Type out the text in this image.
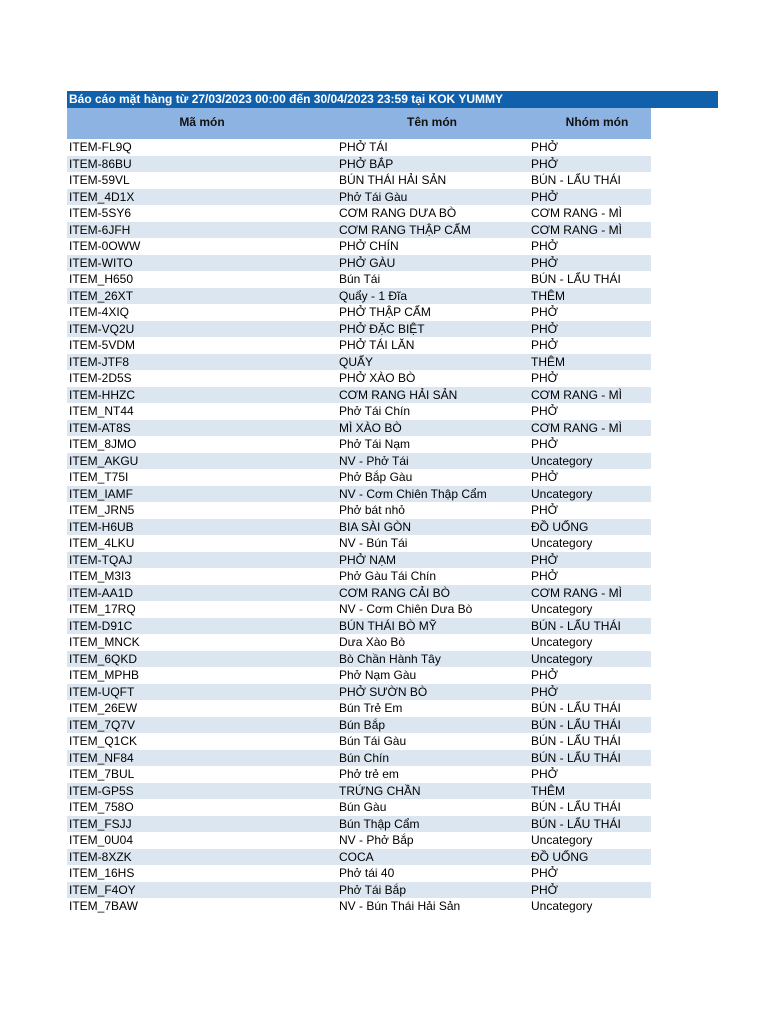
Báo cáo mặt hàng từ 27/03/2023 00:00 đến 30/04/2023 23:59 tại KOK YUMMY
Mã món	Tên món	Nhóm món
ITEM-FL9Q	PHỞ TÁI	PHỞ
ITEM-86BU	PHỞ BẮP	PHỞ
ITEM-59VL	BÚN THÁI HẢI SẢN	BÚN - LẨU THÁI
ITEM_4D1X	Phở Tái Gàu	PHỞ
ITEM-5SY6	CƠM RANG DƯA BÒ	CƠM RANG - MÌ
ITEM-6JFH	CƠM RANG THẬP CẨM	CƠM RANG - MÌ
ITEM-0OWW	PHỞ CHÍN	PHỞ
ITEM-WITO	PHỞ GÀU	PHỞ
ITEM_H650	Bún Tái	BÚN - LẨU THÁI
ITEM_26XT	Quẩy - 1 Đĩa	THÊM
ITEM-4XIQ	PHỞ THẬP CẨM	PHỞ
ITEM-VQ2U	PHỞ ĐẶC BIỆT	PHỞ
ITEM-5VDM	PHỞ TÁI LĂN	PHỞ
ITEM-JTF8	QUẨY	THÊM
ITEM-2D5S	PHỞ XÀO BÒ	PHỞ
ITEM-HHZC	CƠM RANG HẢI SẢN	CƠM RANG - MÌ
ITEM_NT44	Phở Tái Chín	PHỞ
ITEM-AT8S	MÌ XÀO BÒ	CƠM RANG - MÌ
ITEM_8JMO	Phở Tái Nạm	PHỞ
ITEM_AKGU	NV - Phở Tái	Uncategory
ITEM_T75I	Phở Bắp Gàu	PHỞ
ITEM_IAMF	NV - Cơm Chiên Thập Cẩm	Uncategory
ITEM_JRN5	Phở bát nhỏ	PHỞ
ITEM-H6UB	BIA SÀI GÒN	ĐỒ UỐNG
ITEM_4LKU	NV - Bún Tái	Uncategory
ITEM-TQAJ	PHỞ NẠM	PHỞ
ITEM_M3I3	Phở Gàu Tái Chín	PHỞ
ITEM-AA1D	CƠM RANG CẢI BÒ	CƠM RANG - MÌ
ITEM_17RQ	NV - Cơm Chiên Dưa Bò	Uncategory
ITEM-D91C	BÚN THÁI BÒ MỸ	BÚN - LẨU THÁI
ITEM_MNCK	Dưa Xào Bò	Uncategory
ITEM_6QKD	Bò Chần Hành Tây	Uncategory
ITEM_MPHB	Phở Nạm Gàu	PHỞ
ITEM-UQFT	PHỞ SƯỜN BÒ	PHỞ
ITEM_26EW	Bún Trẻ Em	BÚN - LẨU THÁI
ITEM_7Q7V	Bún Bắp	BÚN - LẨU THÁI
ITEM_Q1CK	Bún Tái Gàu	BÚN - LẨU THÁI
ITEM_NF84	Bún Chín	BÚN - LẨU THÁI
ITEM_7BUL	Phở trẻ em	PHỞ
ITEM-GP5S	TRỨNG CHẦN	THÊM
ITEM_758O	Bún Gàu	BÚN - LẨU THÁI
ITEM_FSJJ	Bún Thập Cẩm	BÚN - LẨU THÁI
ITEM_0U04	NV - Phở Bắp	Uncategory
ITEM-8XZK	COCA	ĐỒ UỐNG
ITEM_16HS	Phở tái 40	PHỞ
ITEM_F4OY	Phở Tái Bắp	PHỞ
ITEM_7BAW	NV - Bún Thái Hải Sản	Uncategory
